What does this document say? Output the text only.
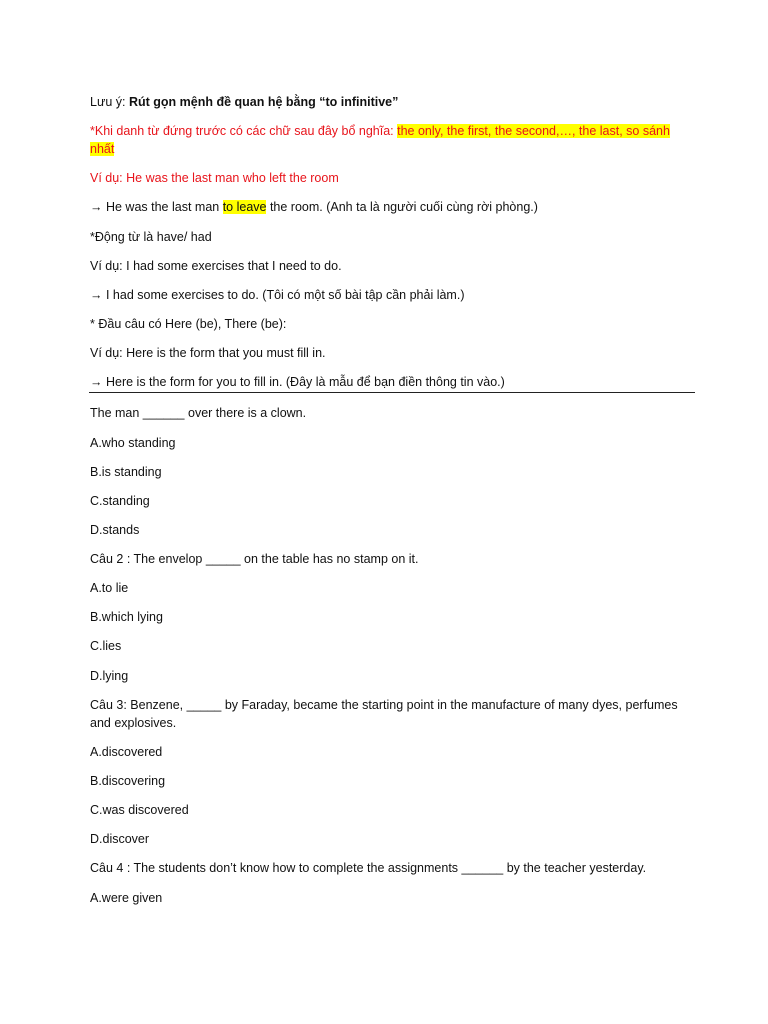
Lưu ý: Rút gọn mệnh đề quan hệ bằng “to infinitive”
*Khi danh từ đứng trước có các chữ sau đây bổ nghĩa: the only, the first, the second,…, the last, so sánh nhất
Ví dụ: He was the last man who left the room
→ He was the last man to leave the room. (Anh ta là người cuối cùng rời phòng.)
*Động từ là have/ had
Ví dụ: I had some exercises that I need to do.
→ I had some exercises to do. (Tôi có một số bài tập cần phải làm.)
* Đầu câu có Here (be), There (be):
Ví dụ: Here is the form that you must fill in.
→ Here is the form for you to fill in. (Đây là mẫu để bạn điền thông tin vào.)
The man ______ over there is a clown.
A.who standing
B.is standing
C.standing
D.stands
Câu 2 : The envelop _____ on the table has no stamp on it.
A.to lie
B.which lying
C.lies
D.lying
Câu 3: Benzene, _____ by Faraday, became the starting point in the manufacture of many dyes, perfumes and explosives.
A.discovered
B.discovering
C.was discovered
D.discover
Câu 4 : The students don’t know how to complete the assignments ______ by the teacher yesterday.
A.were given
